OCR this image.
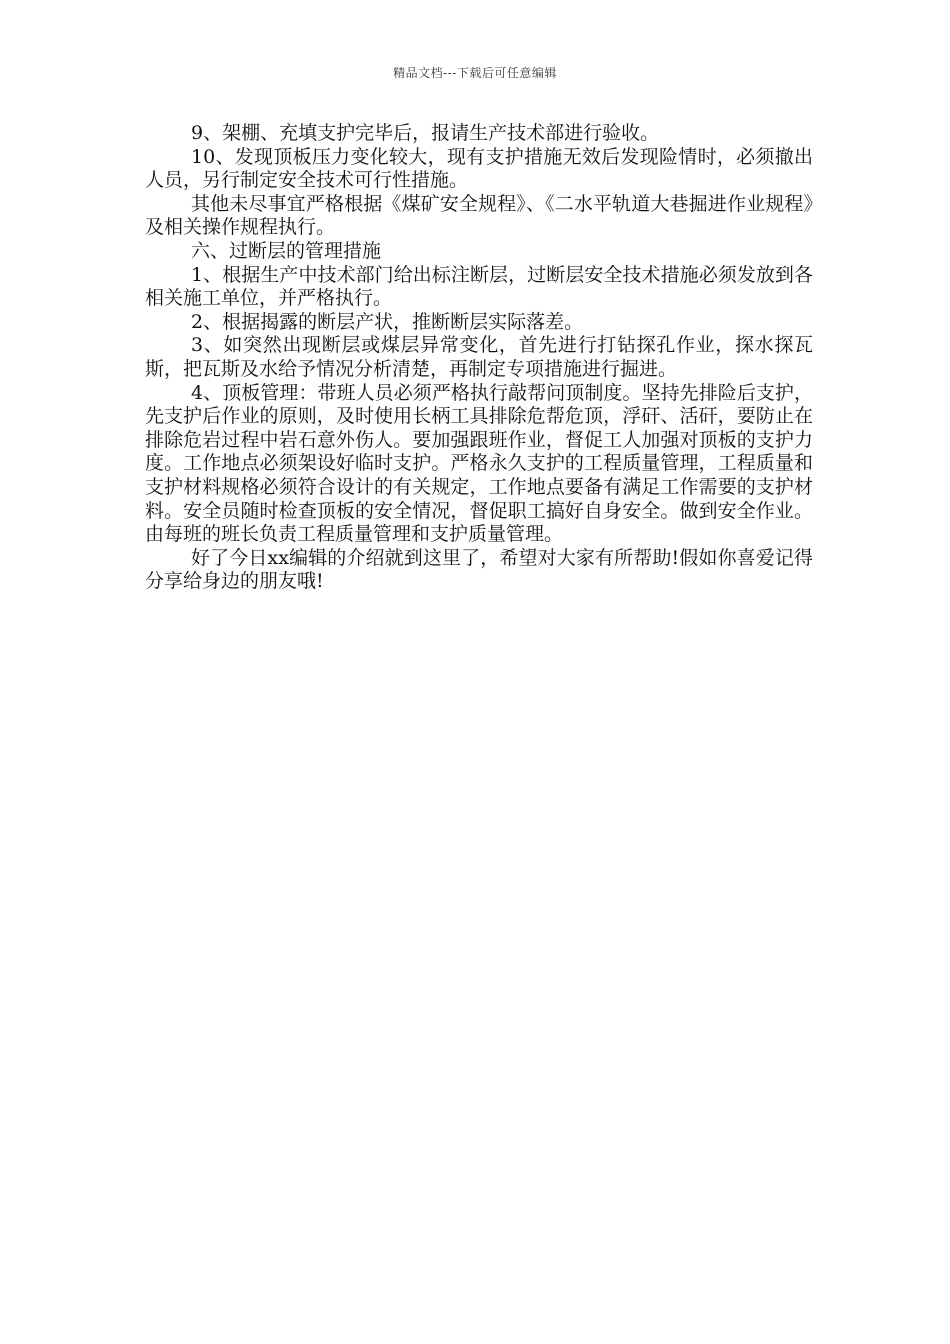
精品文档---下载后可任意编辑

9、架棚、充填支护完毕后，报请生产技术部进行验收。

10、发现顶板压力变化较大，现有支护措施无效后发现险情时，必须撤出人员，另行制定安全技术可行性措施。

其他未尽事宜严格根据《煤矿安全规程》、《二水平轨道大巷掘进作业规程》及相关操作规程执行。

六、过断层的管理措施

1、根据生产中技术部门给出标注断层，过断层安全技术措施必须发放到各相关施工单位，并严格执行。

2、根据揭露的断层产状，推断断层实际落差。

3、如突然出现断层或煤层异常变化，首先进行打钻探孔作业，探水探瓦斯，把瓦斯及水给予情况分析清楚，再制定专项措施进行掘进。

4、顶板管理：带班人员必须严格执行敲帮问顶制度。坚持先排险后支护，先支护后作业的原则，及时使用长柄工具排除危帮危顶，浮矸、活矸，要防止在排除危岩过程中岩石意外伤人。要加强跟班作业，督促工人加强对顶板的支护力度。工作地点必须架设好临时支护。严格永久支护的工程质量管理，工程质量和支护材料规格必须符合设计的有关规定，工作地点要备有满足工作需要的支护材料。安全员随时检查顶板的安全情况，督促职工搞好自身安全。做到安全作业。由每班的班长负责工程质量管理和支护质量管理。

好了今日xx编辑的介绍就到这里了，希望对大家有所帮助!假如你喜爱记得分享给身边的朋友哦!
